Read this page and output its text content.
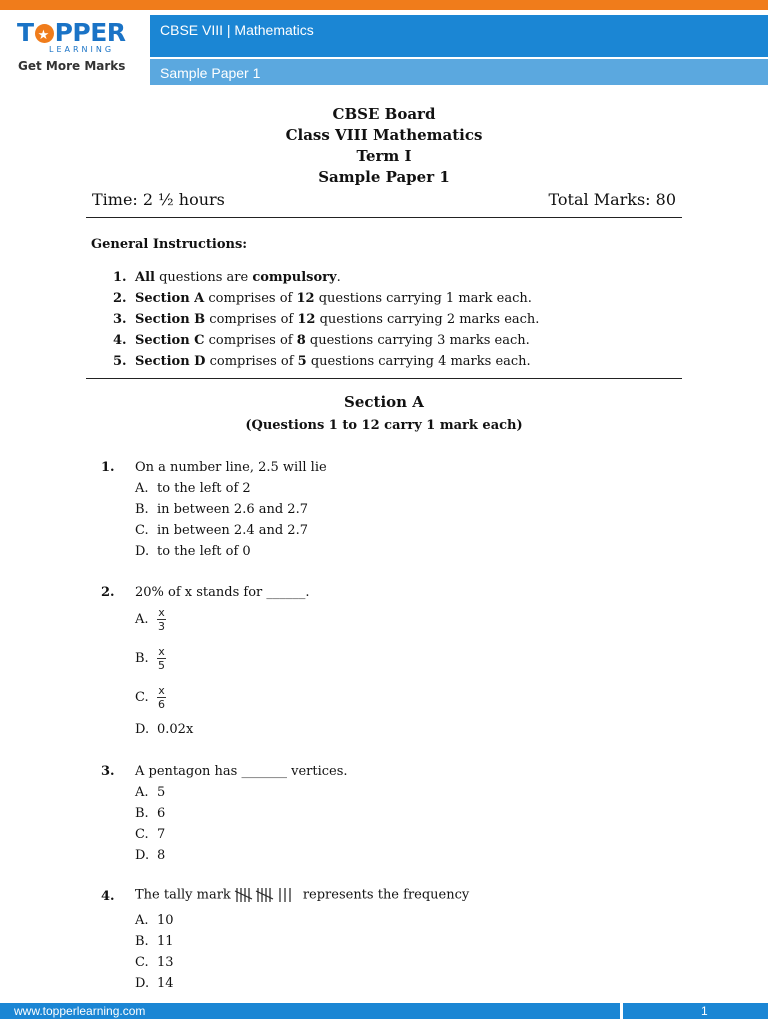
T★ PPER
LEARNING
Get More Marks
CBSE VIII | Mathematics
Sample Paper 1
CBSE Board
Class VIII Mathematics
Term I
Sample Paper 1
Time: 2 ½ hours	Total Marks: 80
General Instructions:
1. All questions are compulsory.
2. Section A comprises of 12 questions carrying 1 mark each.
3. Section B comprises of 12 questions carrying 2 marks each.
4. Section C comprises of 8 questions carrying 3 marks each.
5. Section D comprises of 5 questions carrying 4 marks each.
Section A
(Questions 1 to 12 carry 1 mark each)
1. On a number line, 2.5 will lie
A. to the left of 2
B. in between 2.6 and 2.7
C. in between 2.4 and 2.7
D. to the left of 0
2. 20% of x stands for ______.
A. $\frac{x}{3}$
B. $\frac{x}{5}$
C. $\frac{x}{6}$
D. 0.02x
3. A pentagon has _______ vertices.
A. 5
B. 6
C. 7
D. 8
4. The tally mark	represents the frequency
A. 10
B. 11
C. 13
D. 14
www.topperlearning.com	1
